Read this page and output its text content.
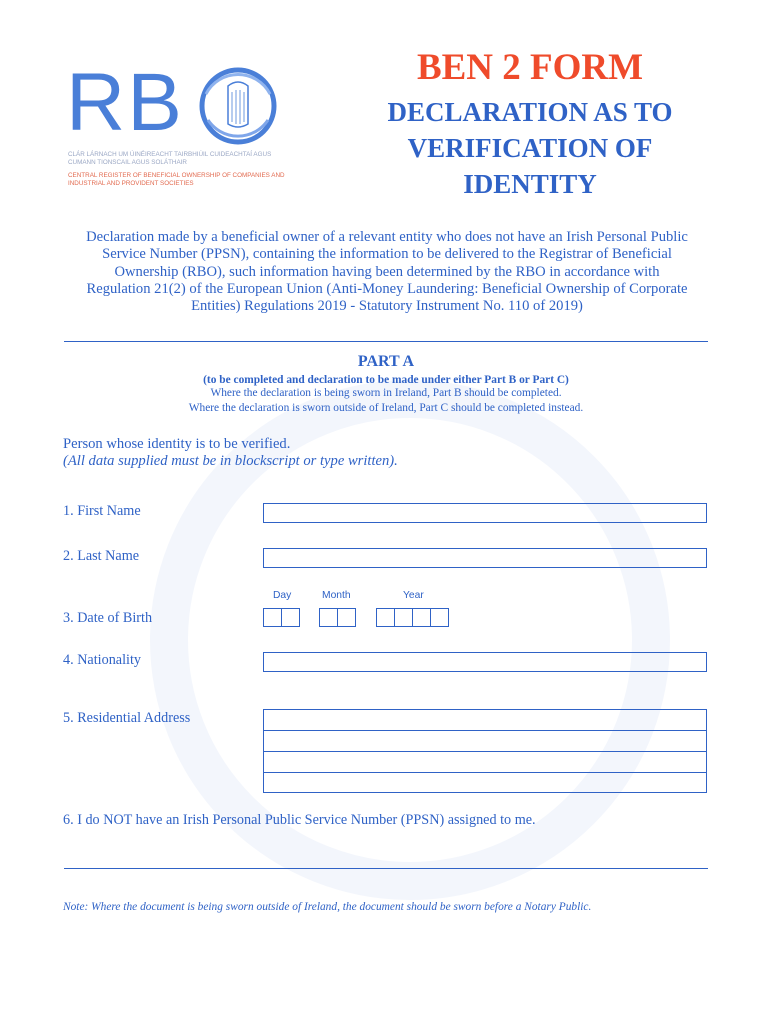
RB
CLÁR LÁRNACH UM ÚINÉIREACHT TAIRBHIÚIL CUIDEACHTAÍ AGUS CUMANN TIONSCAIL AGUS SOLÁTHAIR
CENTRAL REGISTER OF BENEFICIAL OWNERSHIP OF COMPANIES AND INDUSTRIAL AND PROVIDENT SOCIETIES
BEN 2 FORM
DECLARATION AS TO
VERIFICATION OF
IDENTITY
Declaration made by a beneficial owner of a relevant entity who does not have an Irish Personal Public
Service Number (PPSN), containing the information to be delivered to the Registrar of Beneficial
Ownership (RBO), such information having been determined by the RBO in accordance with
Regulation 21(2) of the European Union (Anti-Money Laundering: Beneficial Ownership of Corporate
Entities) Regulations 2019 - Statutory Instrument No. 110 of 2019)
PART A
(to be completed and declaration to be made under either Part B or Part C)
Where the declaration is being sworn in Ireland, Part B should be completed.
Where the declaration is sworn outside of Ireland, Part C should be completed instead.
Person whose identity is to be verified.
(All data supplied must be in blockscript or type written).
1. First Name
2. Last Name
Day	Month	Year
3. Date of Birth
4. Nationality
5. Residential Address
6. I do NOT have an Irish Personal Public Service Number (PPSN) assigned to me.
Note: Where the document is being sworn outside of Ireland, the document should be sworn before a Notary Public.
